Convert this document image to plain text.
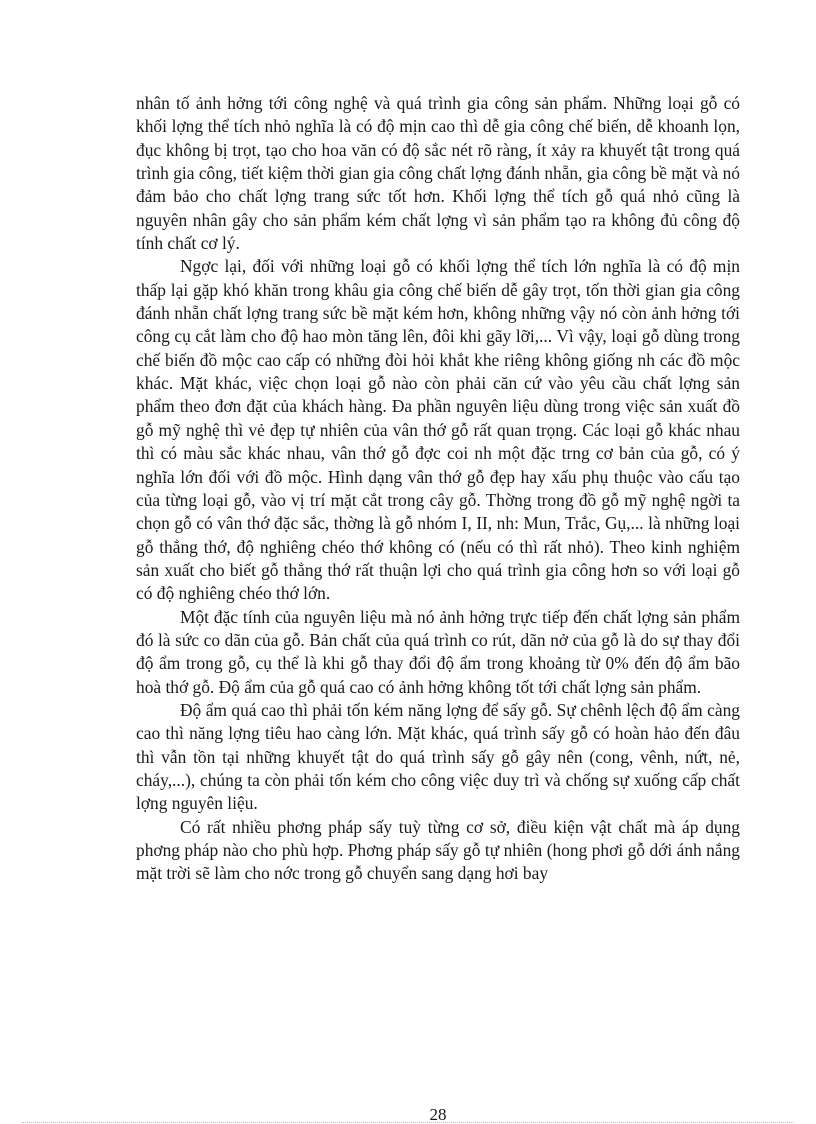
nhân tố ảnh hởng tới công nghệ và quá trình gia công sản phẩm. Những loại gỗ có khối lợng thể tích nhỏ nghĩa là có độ mịn cao thì dễ gia công chế biến, dễ khoanh lọn, đục không bị trọt, tạo cho hoa văn có độ sắc nét rõ ràng, ít xảy ra khuyết tật trong quá trình gia công, tiết kiệm thời gian gia công chất lợng đánh nhẵn, gia công bề mặt và nó đảm bảo cho chất lợng trang sức tốt hơn. Khối lợng thể tích gỗ quá nhỏ cũng là nguyên nhân gây cho sản phẩm kém chất lợng vì sản phẩm tạo ra không đủ công độ tính chất cơ lý.

Ngợc lại, đối với những loại gỗ có khối lợng thể tích lớn nghĩa là có độ mịn thấp lại gặp khó khăn trong khâu gia công chế biến dễ gây trọt, tốn thời gian gia công đánh nhẵn chất lợng trang sức bề mặt kém hơn, không những vậy nó còn ảnh hởng tới công cụ cắt làm cho độ hao mòn tăng lên, đôi khi gãy lỡi,... Vì vậy, loại gỗ dùng trong chế biến đồ mộc cao cấp có những đòi hỏi khắt khe riêng không giống nh các đồ mộc khác. Mặt khác, việc chọn loại gỗ nào còn phải căn cứ vào yêu cầu chất lợng sản phẩm theo đơn đặt của khách hàng. Đa phần nguyên liệu dùng trong việc sản xuất đồ gỗ mỹ nghệ thì vẻ đẹp tự nhiên của vân thớ gỗ rất quan trọng. Các loại gỗ khác nhau thì có màu sắc khác nhau, vân thớ gỗ đợc coi nh một đặc trng cơ bản của gỗ, có ý nghĩa lớn đối với đồ mộc. Hình dạng vân thớ gỗ đẹp hay xấu phụ thuộc vào cấu tạo của từng loại gỗ, vào vị trí mặt cắt trong cây gỗ. Thờng trong đồ gỗ mỹ nghệ ngời ta chọn gỗ có vân thớ đặc sắc, thờng là gỗ nhóm I, II, nh: Mun, Trắc, Gụ,... là những loại gỗ thẳng thớ, độ nghiêng chéo thớ không có (nếu có thì rất nhỏ). Theo kinh nghiệm sản xuất cho biết gỗ thẳng thớ rất thuận lợi cho quá trình gia công hơn so với loại gỗ có độ nghiêng chéo thớ lớn.

Một đặc tính của nguyên liệu mà nó ảnh hởng trực tiếp đến chất lợng sản phẩm đó là sức co dãn của gỗ. Bản chất của quá trình co rút, dãn nở của gỗ là do sự thay đổi độ ẩm trong gỗ, cụ thể là khi gỗ thay đổi độ ẩm trong khoảng từ 0% đến độ ẩm bão hoà thớ gỗ. Độ ẩm của gỗ quá cao có ảnh hởng không tốt tới chất lợng sản phẩm.

Độ ẩm quá cao thì phải tốn kém năng lợng để sấy gỗ. Sự chênh lệch độ ẩm càng cao thì năng lợng tiêu hao càng lớn. Mặt khác, quá trình sấy gỗ có hoàn hảo đến đâu thì vẫn tồn tại những khuyết tật do quá trình sấy gỗ gây nên (cong, vênh, nứt, nẻ, cháy,...), chúng ta còn phải tốn kém cho công việc duy trì và chống sự xuống cấp chất lợng nguyên liệu.

Có rất nhiều phơng pháp sấy tuỳ từng cơ sở, điều kiện vật chất mà áp dụng phơng pháp nào cho phù hợp. Phơng pháp sấy gỗ tự nhiên (hong phơi gỗ dới ánh nắng mặt trời sẽ làm cho nớc trong gỗ chuyển sang dạng hơi bay

28
